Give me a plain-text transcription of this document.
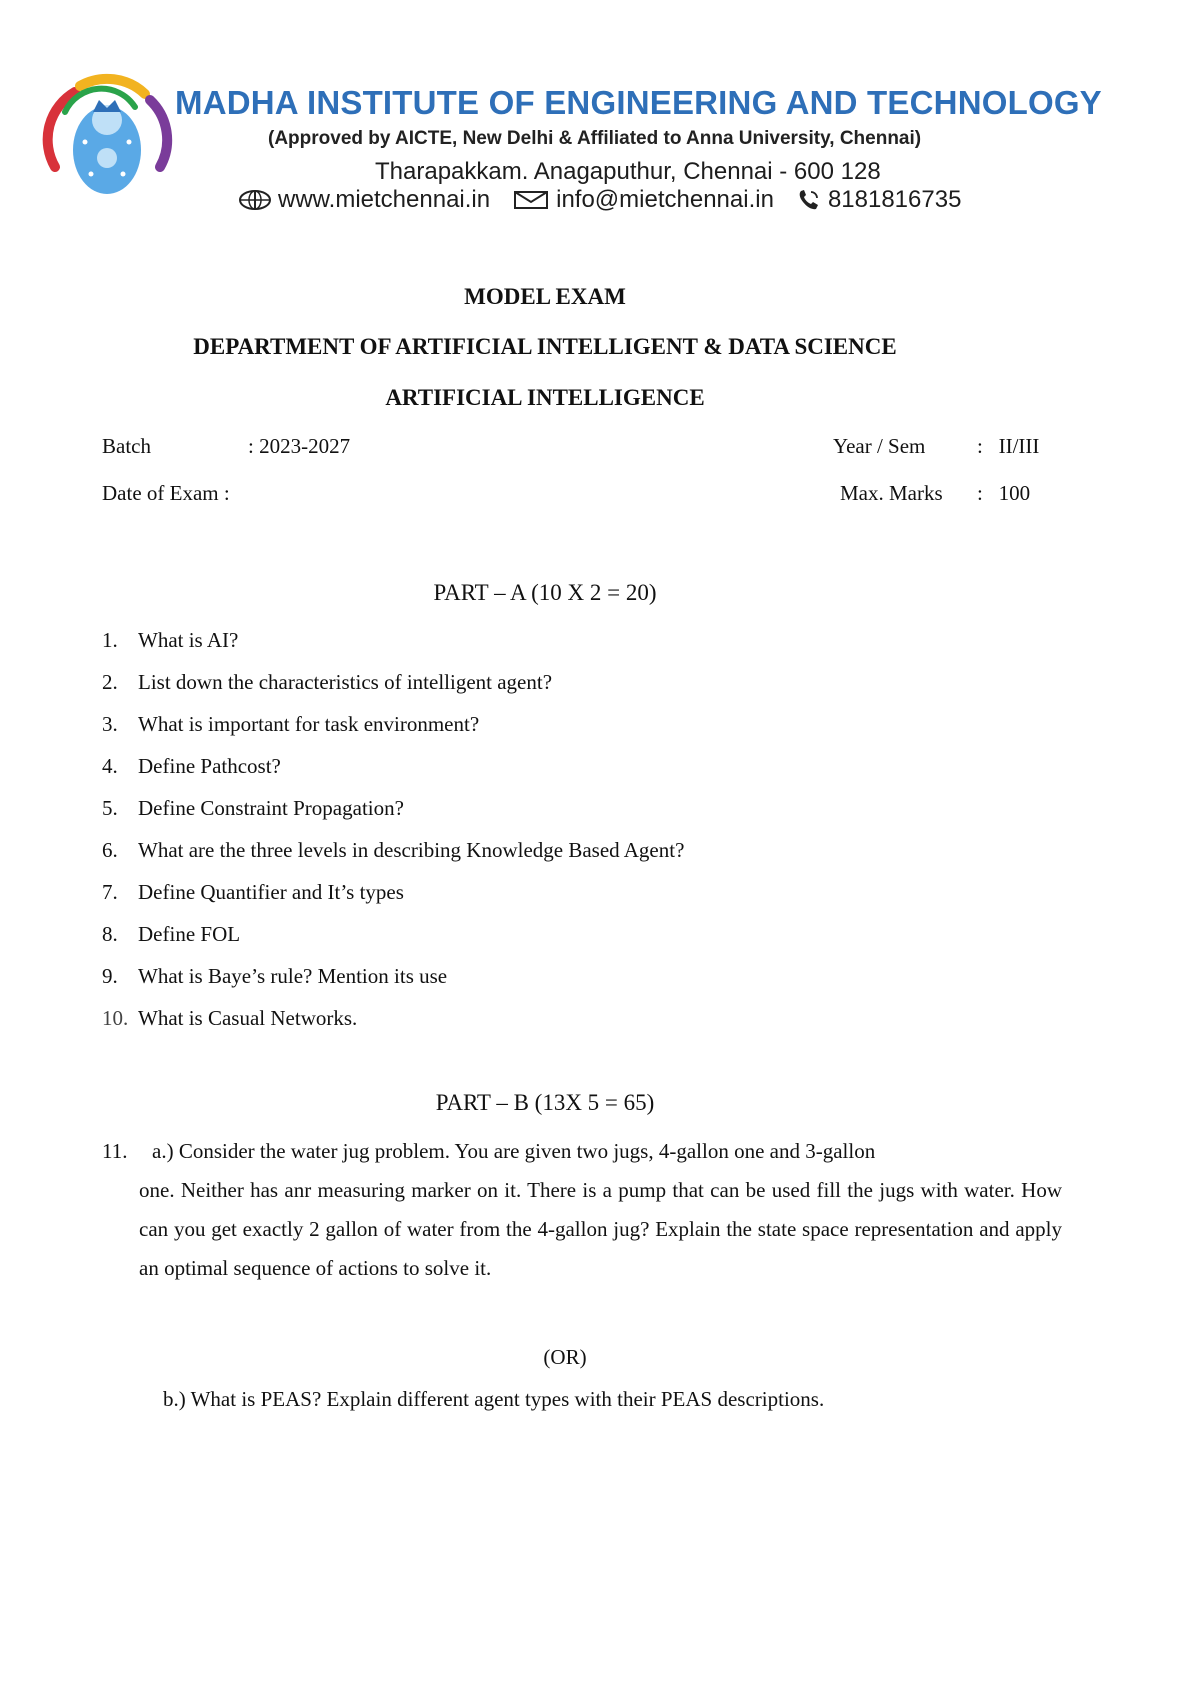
MADHA INSTITUTE OF ENGINEERING AND TECHNOLOGY
(Approved by AICTE, New Delhi & Affiliated to Anna University, Chennai)
Tharapakkam. Anagaputhur, Chennai - 600 128
www.mietchennai.in	info@mietchennai.in 8181816735
MODEL EXAM
DEPARTMENT OF ARTIFICIAL INTELLIGENT & DATA SCIENCE
ARTIFICIAL INTELLIGENCE
Batch	: 2023-2027	Year / Sem :   II/III
Date of Exam :	Max. Marks :   100
PART – A (10 X 2 = 20)
1. What is AI?
2. List down the characteristics of intelligent agent?
3. What is important for task environment?
4. Define Pathcost?
5. Define Constraint Propagation?
6. What are the three levels in describing Knowledge Based Agent?
7. Define Quantifier and It’s types
8. Define FOL
9. What is Baye’s rule? Mention its use
10. What is Casual Networks.
PART – B (13X 5 = 65)
11.	a.) Consider the water jug problem. You are given two jugs, 4-gallon one and 3-gallon
one. Neither has anr measuring marker on it. There is a pump that can be used fill the jugs with water. How can you get exactly 2 gallon of water from the 4-gallon jug? Explain the state space representation and apply an optimal sequence of actions to solve it.
(OR)
b.) What is PEAS? Explain different agent types with their PEAS descriptions.
